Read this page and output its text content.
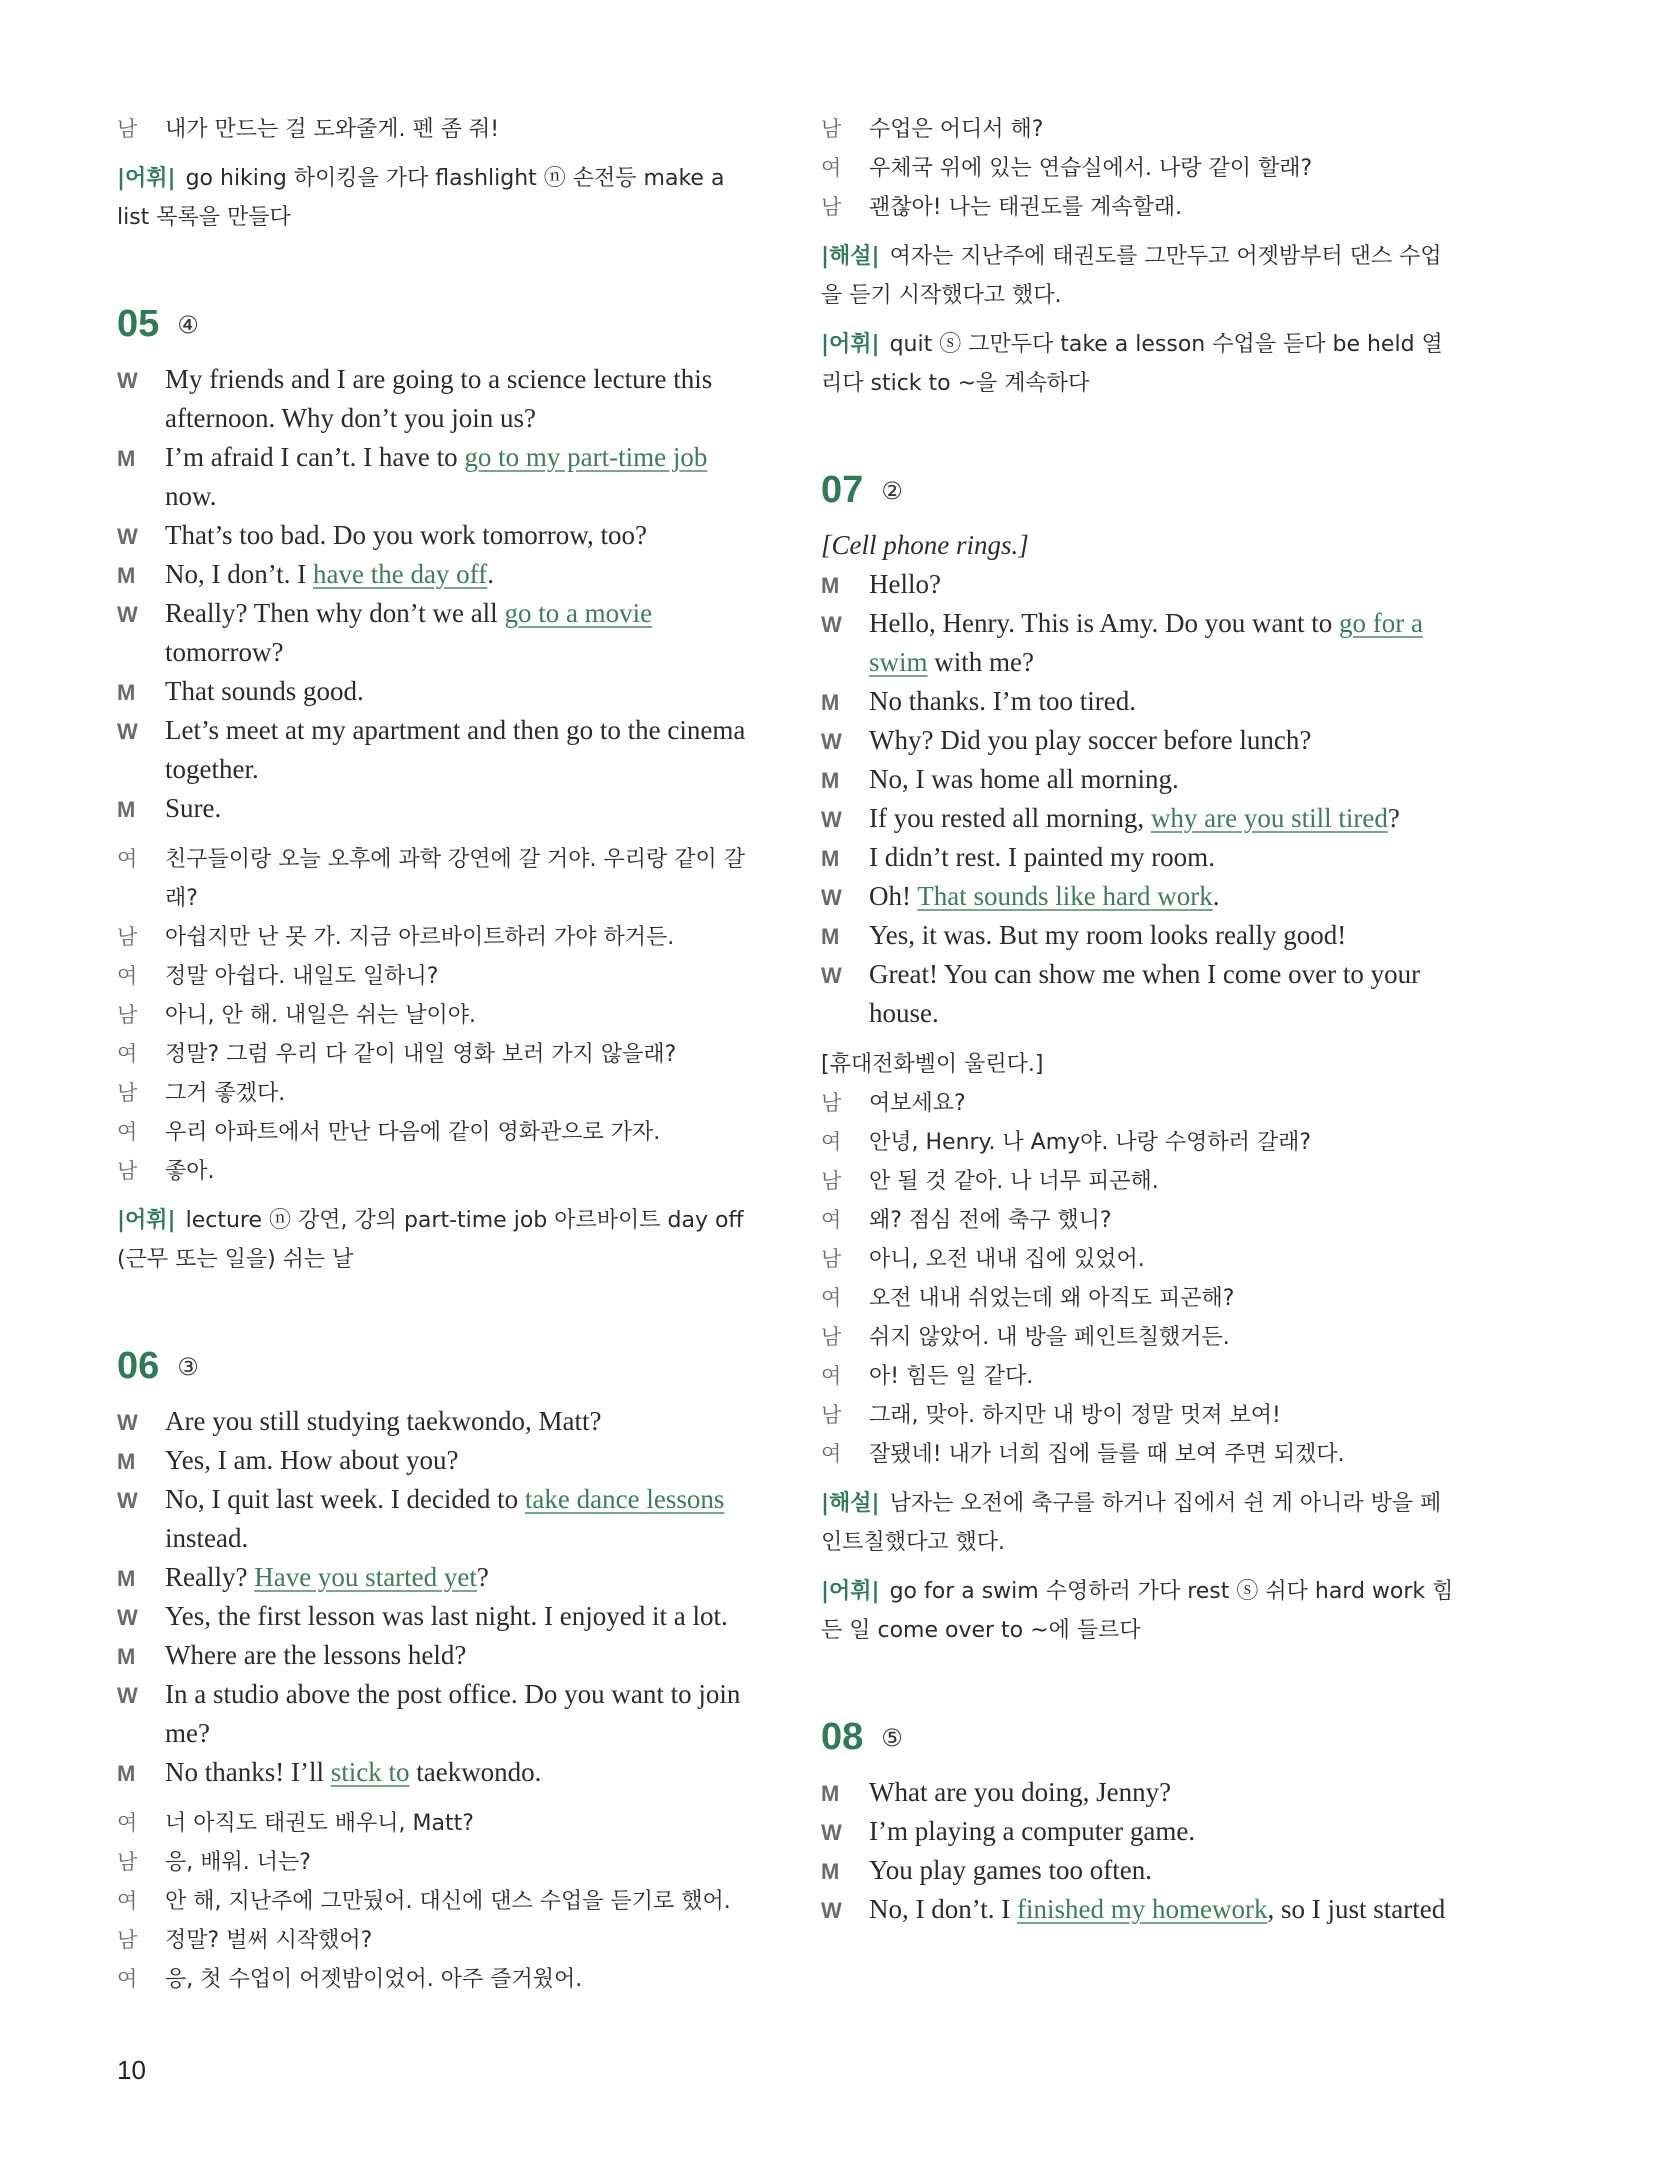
남	내가 만드는 걸 도와줄게. 펜 좀 줘!
|어휘| go hiking 하이킹을 가다 flashlight ⓝ 손전등 make a list 목록을 만들다
05 ④
W	My friends and I are going to a science lecture this afternoon. Why don’t you join us?
M	I’m afraid I can’t. I have to go to my part-time job now.
W	That’s too bad. Do you work tomorrow, too?
M	No, I don’t. I have the day off.
W	Really? Then why don’t we all go to a movie tomorrow?
M	That sounds good.
W	Let’s meet at my apartment and then go to the cinema together.
M	Sure.
여	친구들이랑 오늘 오후에 과학 강연에 갈 거야. 우리랑 같이 갈래?
남	아쉽지만 난 못 가. 지금 아르바이트하러 가야 하거든.
여	정말 아쉽다. 내일도 일하니?
남	아니, 안 해. 내일은 쉬는 날이야.
여	정말? 그럼 우리 다 같이 내일 영화 보러 가지 않을래?
남	그거 좋겠다.
여	우리 아파트에서 만난 다음에 같이 영화관으로 가자.
남	좋아.
|어휘| lecture ⓝ 강연, 강의 part-time job 아르바이트 day off (근무 또는 일을) 쉬는 날
06 ③
W	Are you still studying taekwondo, Matt?
M	Yes, I am. How about you?
W	No, I quit last week. I decided to take dance lessons instead.
M	Really? Have you started yet?
W	Yes, the first lesson was last night. I enjoyed it a lot.
M	Where are the lessons held?
W	In a studio above the post office. Do you want to join me?
M	No thanks! I’ll stick to taekwondo.
여	너 아직도 태권도 배우니, Matt?
남	응, 배워. 너는?
여	안 해, 지난주에 그만뒀어. 대신에 댄스 수업을 듣기로 했어.
남	정말? 벌써 시작했어?
여	응, 첫 수업이 어젯밤이었어. 아주 즐거웠어.
남	수업은 어디서 해?
여	우체국 위에 있는 연습실에서. 나랑 같이 할래?
남	괜찮아! 나는 태권도를 계속할래.
|해설| 여자는 지난주에 태권도를 그만두고 어젯밤부터 댄스 수업을 듣기 시작했다고 했다.
|어휘| quit ⓢ 그만두다 take a lesson 수업을 듣다 be held 열리다 stick to ~을 계속하다
07 ②
[Cell phone rings.]
M	Hello?
W	Hello, Henry. This is Amy. Do you want to go for a swim with me?
M	No thanks. I’m too tired.
W	Why? Did you play soccer before lunch?
M	No, I was home all morning.
W	If you rested all morning, why are you still tired?
M	I didn’t rest. I painted my room.
W	Oh! That sounds like hard work.
M	Yes, it was. But my room looks really good!
W	Great! You can show me when I come over to your house.
[휴대전화벨이 울린다.]
남	여보세요?
여	안녕, Henry. 나 Amy야. 나랑 수영하러 갈래?
남	안 될 것 같아. 나 너무 피곤해.
여	왜? 점심 전에 축구 했니?
남	아니, 오전 내내 집에 있었어.
여	오전 내내 쉬었는데 왜 아직도 피곤해?
남	쉬지 않았어. 내 방을 페인트칠했거든.
여	아! 힘든 일 같다.
남	그래, 맞아. 하지만 내 방이 정말 멋져 보여!
여	잘됐네! 내가 너희 집에 들를 때 보여 주면 되겠다.
|해설| 남자는 오전에 축구를 하거나 집에서 쉰 게 아니라 방을 페인트칠했다고 했다.
|어휘| go for a swim 수영하러 가다 rest ⓢ 쉬다 hard work 힘든 일 come over to ~에 들르다
08 ⑤
M	What are you doing, Jenny?
W	I’m playing a computer game.
M	You play games too often.
W	No, I don’t. I finished my homework, so I just started
10
